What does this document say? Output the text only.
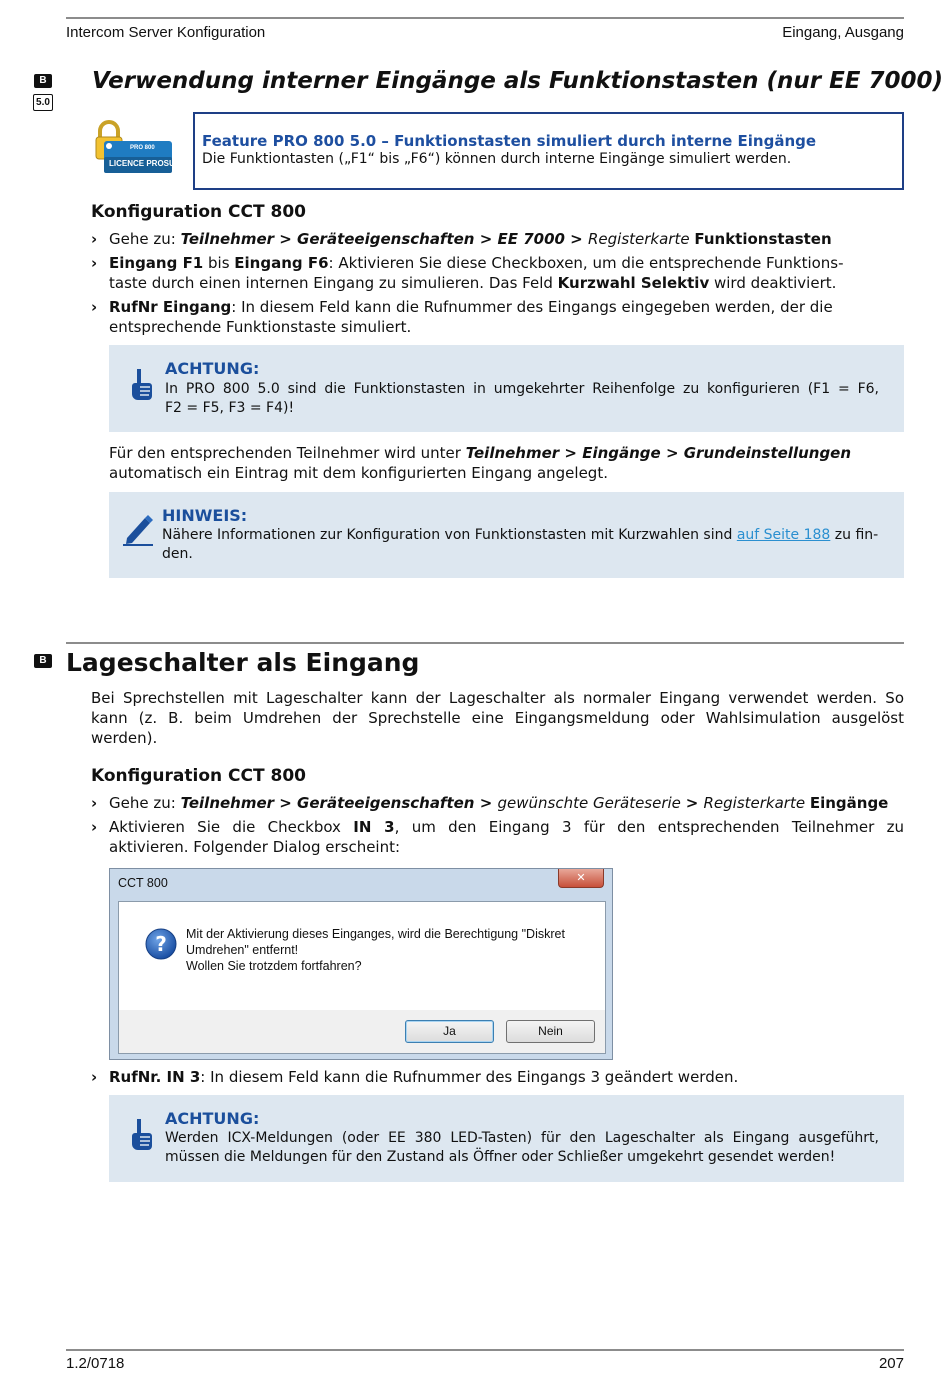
Intercom Server Konfiguration	Eingang, Ausgang
B
5.0
Verwendung interner Eingänge als Funktionstasten (nur EE 7000)
PRO 800
LICENCE PROSU
Feature PRO 800 5.0 – Funktionstasten simuliert durch interne Eingänge
Die Funktiontasten („F1“ bis „F6“) können durch interne Eingänge simuliert werden.
Konfiguration CCT 800
› Gehe zu: Teilnehmer > Geräteeigenschaften > EE 7000 > Registerkarte Funktionstasten
› Eingang F1 bis Eingang F6: Aktivieren Sie diese Checkboxen, um die entsprechende Funktions-
taste durch einen internen Eingang zu simulieren. Das Feld Kurzwahl Selektiv wird deaktiviert.
› RufNr Eingang: In diesem Feld kann die Rufnummer des Eingangs eingegeben werden, der die
entsprechende Funktionstaste simuliert.
ACHTUNG:
In PRO 800 5.0 sind die Funktionstasten in umgekehrter Reihenfolge zu konfigurieren (F1 = F6,
F2 = F5, F3 = F4)!
Für den entsprechenden Teilnehmer wird unter Teilnehmer > Eingänge > Grundeinstellungen
automatisch ein Eintrag mit dem konfigurierten Eingang angelegt.
HINWEIS:
Nähere Informationen zur Konfiguration von Funktionstasten mit Kurzwahlen sind auf Seite 188 zu fin-
den.
B Lageschalter als Eingang
Bei Sprechstellen mit Lageschalter kann der Lageschalter als normaler Eingang verwendet werden. So
kann (z. B. beim Umdrehen der Sprechstelle eine Eingangsmeldung oder Wahlsimulation ausgelöst
werden).
Konfiguration CCT 800
› Gehe zu: Teilnehmer > Geräteeigenschaften > gewünschte Geräteserie > Registerkarte Eingänge
› Aktivieren Sie die Checkbox IN 3, um den Eingang 3 für den entsprechenden Teilnehmer zu
aktivieren. Folgender Dialog erscheint:
CCT 800	✕
? Mit der Aktivierung dieses Einganges, wird die Berechtigung "Diskret
Umdrehen" entfernt!
Wollen Sie trotzdem fortfahren?
Ja	Nein
› RufNr. IN 3: In diesem Feld kann die Rufnummer des Eingangs 3 geändert werden.
ACHTUNG:
Werden ICX-Meldungen (oder EE 380 LED-Tasten) für den Lageschalter als Eingang ausgeführt,
müssen die Meldungen für den Zustand als Öffner oder Schließer umgekehrt gesendet werden!
1.2/0718	207
